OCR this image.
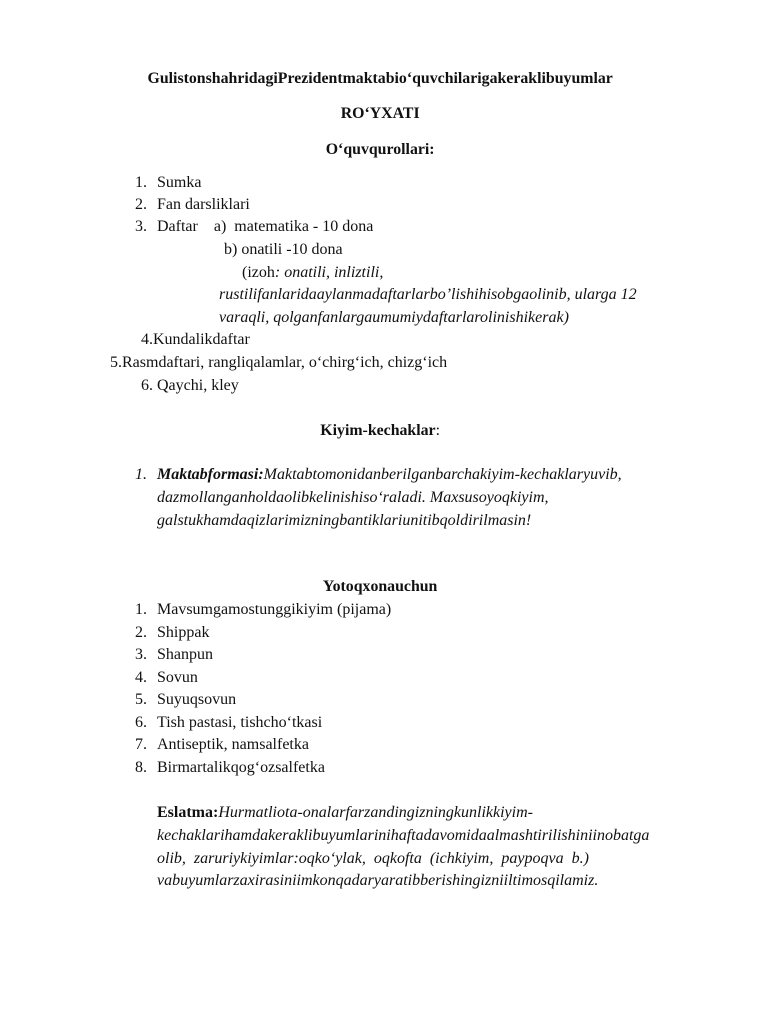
GulistonshahridagiPrezidentmaktabio‘quvchilarigakeraklibuyumlar
RO‘YXATI
O‘quvqurollari:
1. Sumka
2. Fan darsliklari
3. Daftar    a)  matematika - 10 dona
b) onatili -10 dona
(izoh: onatili, inliztili,
rustilifanlaridaaylanmadaftarlarbo’lishihisobgaolinib, ularga 12
varaqli, qolganfanlargaumumiydaftarlarolinishikerak)
4.Kundalikdaftar
5.Rasmdaftari, rangliqalamlar, o‘chirg‘ich, chizg‘ich
6. Qaychi, kley
Kiyim-kechaklar:
1. Maktabformasi:Maktabtomonidanberilganbarchakiyim-kechaklaryuvib,
dazmollanganholdaolibkelinishiso‘raladi. Maxsusoyoqkiyim,
galstukhamdaqizlarimizningbantiklariunitibqoldirilmasin!
Yotoqxonauchun
1. Mavsumgamostunggikiyim (pijama)
2. Shippak
3. Shanpun
4. Sovun
5. Suyuqsovun
6. Tish pastasi, tishcho‘tkasi
7. Antiseptik, namsalfetka
8. Birmartalikqog‘ozsalfetka
Eslatma:Hurmatliota-onalarfarzandingizningkunlikkiyim-
kechaklarihamdakeraklibuyumlarinihaftadavomidaalmashtirilishiniinobatga
olib,  zaruriykiyimlar:oqko‘ylak,  oqkofta  (ichkiyim,  paypoqva  b.)
vabuyumlarzaxirasiniimkonqadaryaratibberishingizniiltimosqilamiz.
